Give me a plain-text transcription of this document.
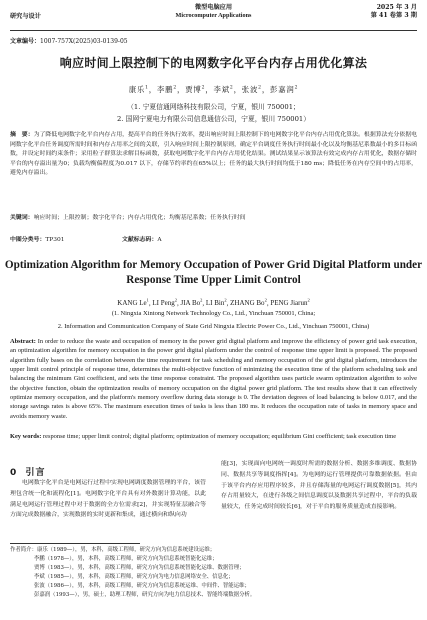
研究与设计
微型电脑应用
Microcomputer Applications
2025 年 3 月
第 41 卷第 3 期
文章编号：1007-757X(2025)03-0139-05
响应时间上限控制下的电网数字化平台内存占用优化算法
康乐$^1$，李鹏$^2$，贾博$^2$，李斌$^2$，张波$^2$，彭嘉润$^2$
（1. 宁夏信通网络科技有限公司，宁夏，银川 750001；
2. 国网宁夏电力有限公司信息通信公司，宁夏，银川 750001）
摘　要：为了降低电网数字化平台内存占用，提高平台的任务执行效率，提出响应时间上限控制下的电网数字化平台内存占用优化算法。根据算法充分依据电网数字化平台任务调度所需时间和内存占用率之间的关联，引入响应时间上限控制原则，确定平台调度任务执行时间最小化以及均衡基尼系数最小的多目标函数，并设定时间约束条件；采用粒子群算法求解目标函数，获取电网数字化平台内存占用优化结果。测试结果显示该算法有效完成内存占用优化，数据存储时平台的内存溢出量为0；负载均衡偏程度为0.017 以下，存储节约率约在65%以上；任务的最大执行时间均低于180 ms；降低任务在内存空间中的占用率，避免内存溢出。
关键词：响应时间；上限控制；数字化平台；内存占用优化；均衡基尼系数；任务执行时间
中图分类号：TP301	文献标志码：A
Optimization Algorithm for Memory Occupation of Power Grid Digital Platform under Response Time Upper Limit Control
KANG Le$^1$, LI Peng$^2$, JIA Bo$^2$, LI Bin$^2$, ZHANG Bo$^2$, PENG Jiarun$^2$
(1. Ningxia Xintong Network Technology Co., Ltd., Yinchuan 750001, China;
2. Information and Communication Company of State Grid Ningxia Electric Power Co., Ltd., Yinchuan 750001, China)
Abstract: In order to reduce the waste and occupation of memory in the power grid digital platform and improve the efficiency of power grid task execution, an optimization algorithm for memory occupation in the power grid digital platform under the control of response time upper limit is proposed. The proposed algorithm fully bases on the correlation between the time requirement for task scheduling and memory occupation of the grid digital platform, introduces the upper limit control principle of response time, determines the multi-objective function of minimizing the execution time of the platform scheduling task and balancing the minimum Gini coefficient, and sets the time response constraint. The proposed algorithm uses particle swarm optimization algorithm to solve the objective function, obtain the optimization results of memory occupation on the digital power grid platform. The test results show that it can effectively optimize memory occupation, and the platform's memory overflow during data storage is 0. The deviation degrees of load balancing is below 0.017, and the storage savings rates is above 65%. The maximum execution times of tasks is less than 180 ms. It reduces the occupation rate of tasks in memory space and avoids memory waste.
Key words: response time; upper limit control; digital platform; optimization of memory occupation; equilibrium Gini coefficient; task execution time
0 引言
电网数字化平台是电网运行过程中实现电网调度数据管理的平台，该管理包含统一化和流程化[1]。电网数字化平台具有对外数据计算功能，以此满足电网运行管理过程中对于数据的全方位需求[2]，并实现特征层融合等方面完成数据融合，实现数据的实时更新和集成，通过横向和纵向功
能[3]，实现面向电网统一调度时所需的数据分析、数据多维调度、数据协同、数据共享等调度指挥[4]。为电网的运行管理提供可靠数据依据。但由于该平台内存应用程序较多，并且存储海量的电网运行调度数据[5]，其内存占用量较大，在进行各级之间信息调度以及数据共享过程中，平台的负载量较大，任务完成时间较长[6]，对于平台的服务质量造成直接影响。
作者简介：康乐（1989—），男，本科，高级工程师，研究方向为信息系统建设运维；
李鹏（1978—），男，本科，高级工程师，研究方向为信息系统智能化运维；
贾博（1983—），男，本科，高级工程师，研究方向为信息系统智能化运维、数据管理；
李斌（1985—），男，本科，高级工程师，研究方向为电力信息网络安全、信息化；
张波（1986—），男，本科，高级工程师，研究方向为信息系统运维、中间件、智能运维；
彭嘉润（1993—），男，硕士，助理工程师，研究方向为电力信息技术、智能终端数据分析。
